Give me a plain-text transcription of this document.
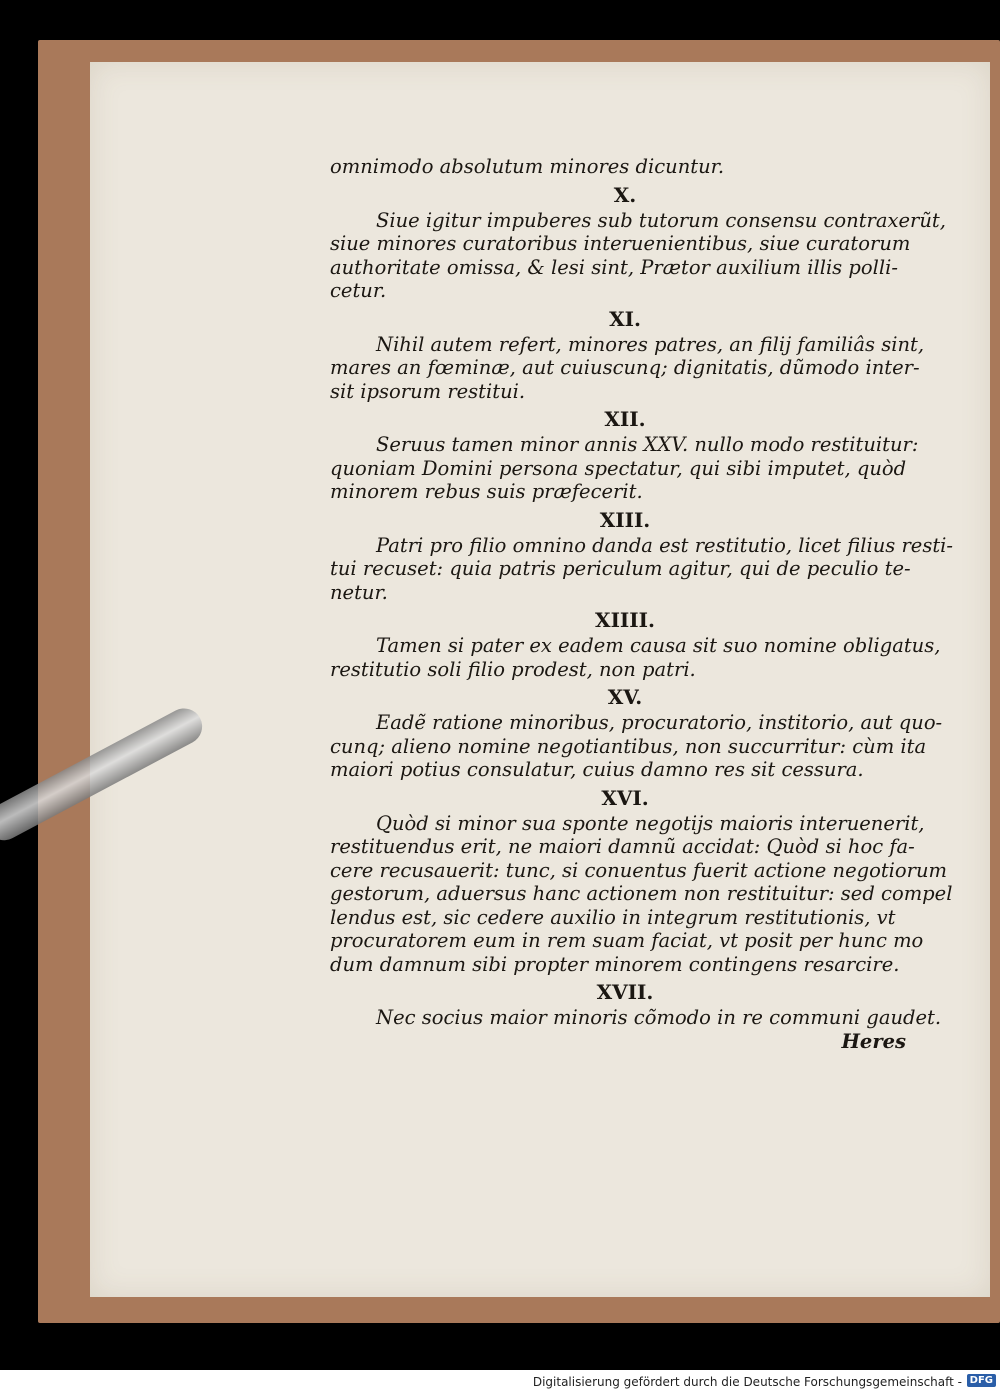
omnimodo absolutum minores dicuntur.
X.
Siue igitur impuberes sub tutorum consensu contraxerũt,
siue minores curatoribus interuenientibus, siue curatorum
authoritate omissa, & lesi sint, Prætor auxilium illis polli-
cetur.
XI.
Nihil autem refert, minores patres, an filij familiâs sint,
mares an fœminæ, aut cuiuscunq; dignitatis, dũmodo inter-
sit ipsorum restitui.
XII.
Seruus tamen minor annis XXV. nullo modo restituitur:
quoniam Domini persona spectatur, qui sibi imputet, quòd
minorem rebus suis præfecerit.
XIII.
Patri pro filio omnino danda est restitutio, licet filius resti-
tui recuset: quia patris periculum agitur, qui de peculio te-
netur.
XIIII.
Tamen si pater ex eadem causa sit suo nomine obligatus,
restitutio soli filio prodest, non patri.
XV.
Eadẽ ratione minoribus, procuratorio, institorio, aut quo-
cunq; alieno nomine negotiantibus, non succurritur: cùm ita
maiori potius consulatur, cuius damno res sit cessura.
XVI.
Quòd si minor sua sponte negotijs maioris interuenerit,
restituendus erit, ne maiori damnũ accidat: Quòd si hoc fa-
cere recusauerit: tunc, si conuentus fuerit actione negotiorum
gestorum, aduersus hanc actionem non restituitur: sed compel
lendus est, sic cedere auxilio in integrum restitutionis, vt
procuratorem eum in rem suam faciat, vt posit per hunc mo
dum damnum sibi propter minorem contingens resarcire.
XVII.
Nec socius maior minoris cõmodo in re communi gaudet.
Heres
Digitalisierung gefördert durch die Deutsche Forschungsgemeinschaft - DFG
